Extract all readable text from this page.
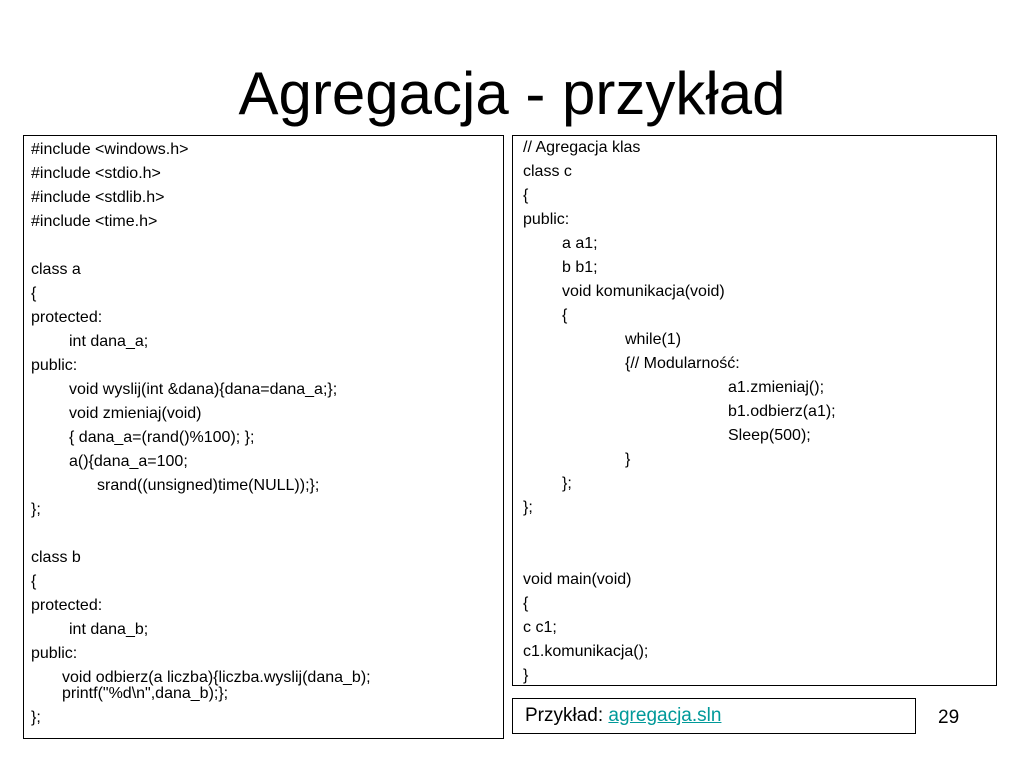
Agregacja - przykład
#include <windows.h>
#include <stdio.h>
#include <stdlib.h>
#include <time.h>
class a
{
protected:
int dana_a;
public:
void wyslij(int &dana){dana=dana_a;};
void zmieniaj(void)
{ dana_a=(rand()%100); };
a(){dana_a=100;
srand((unsigned)time(NULL));};
};
class b
{
protected:
int dana_b;
public:
void odbierz(a liczba){liczba.wyslij(dana_b); printf("%d\n",dana_b);};
};
// Agregacja klas
class c
{
public:
a a1;
b b1;
void komunikacja(void)
{
while(1)
{// Modularność:
a1.zmieniaj();
b1.odbierz(a1);
Sleep(500);
}
};
};
void main(void)
{
c c1;
c1.komunikacja();
}
Przykład: agregacja.sln	29
